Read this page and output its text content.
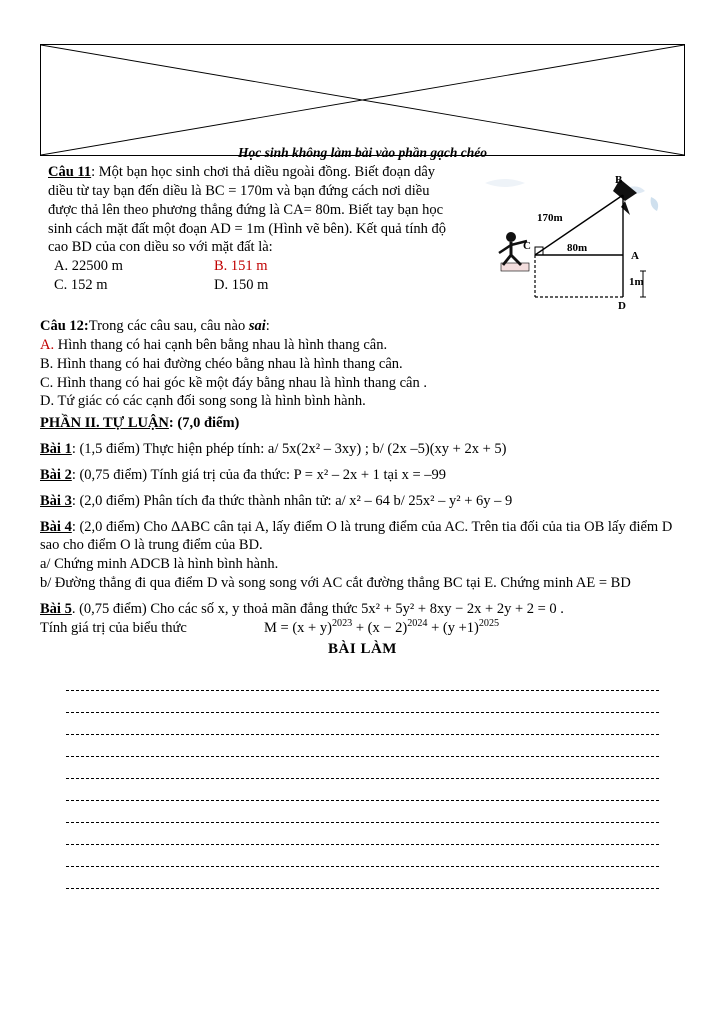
Học sinh không làm bài vào phần gạch chéo

Câu 11: Một bạn học sinh chơi thả diều ngoài đồng. Biết đoạn dây diều từ tay bạn đến diều là BC = 170m và bạn đứng cách nơi diều được thả lên theo phương thẳng đứng là CA= 80m. Biết tay bạn học sinh cách mặt đất một đoạn AD = 1m (Hình vẽ bên). Kết quả tính độ cao BD của con diều so với mặt đất là:

A. 22500 m	B. 151 m
C. 152 m	D. 150 m
B
170m
C	80m
A
1m
D

Câu 12:Trong các câu sau, câu nào sai:

A. Hình thang có hai cạnh bên bằng nhau là hình thang cân.

B. Hình thang có hai đường chéo bằng nhau là hình thang cân.

C. Hình thang có hai góc kề một đáy bằng nhau là hình thang cân .

D. Tứ giác có các cạnh đối song song là hình bình hành.

PHẦN II. TỰ LUẬN: (7,0 điểm)

Bài 1: (1,5 điểm) Thực hiện phép tính: a/ 5x(2x² – 3xy) ; b/ (2x –5)(xy + 2x + 5)

Bài 2: (0,75 điểm) Tính giá trị của đa thức: P = x² – 2x + 1 tại x = –99

Bài 3: (2,0 điểm) Phân tích đa thức thành nhân tử: a/ x² – 64 b/ 25x² – y² + 6y – 9

Bài 4: (2,0 điểm) Cho ∆ABC cân tại A, lấy điểm O là trung điểm của AC. Trên tia đối của tia OB lấy điểm D sao cho điểm O là trung điểm của BD.

a/ Chứng minh ADCB là hình bình hành.

b/ Đường thẳng đi qua điểm D và song song với AC cắt đường thẳng BC tại E. Chứng minh AE = BD

Bài 5. (0,75 điểm) Cho các số x, y thoả mãn đẳng thức 5x² + 5y² + 8xy − 2x + 2y + 2 = 0 .

Tính giá trị của biểu thức	$M = (x + y)^{2023} + (x - 2)^{2024} + (y +1)^{2025}$

BÀI LÀM
